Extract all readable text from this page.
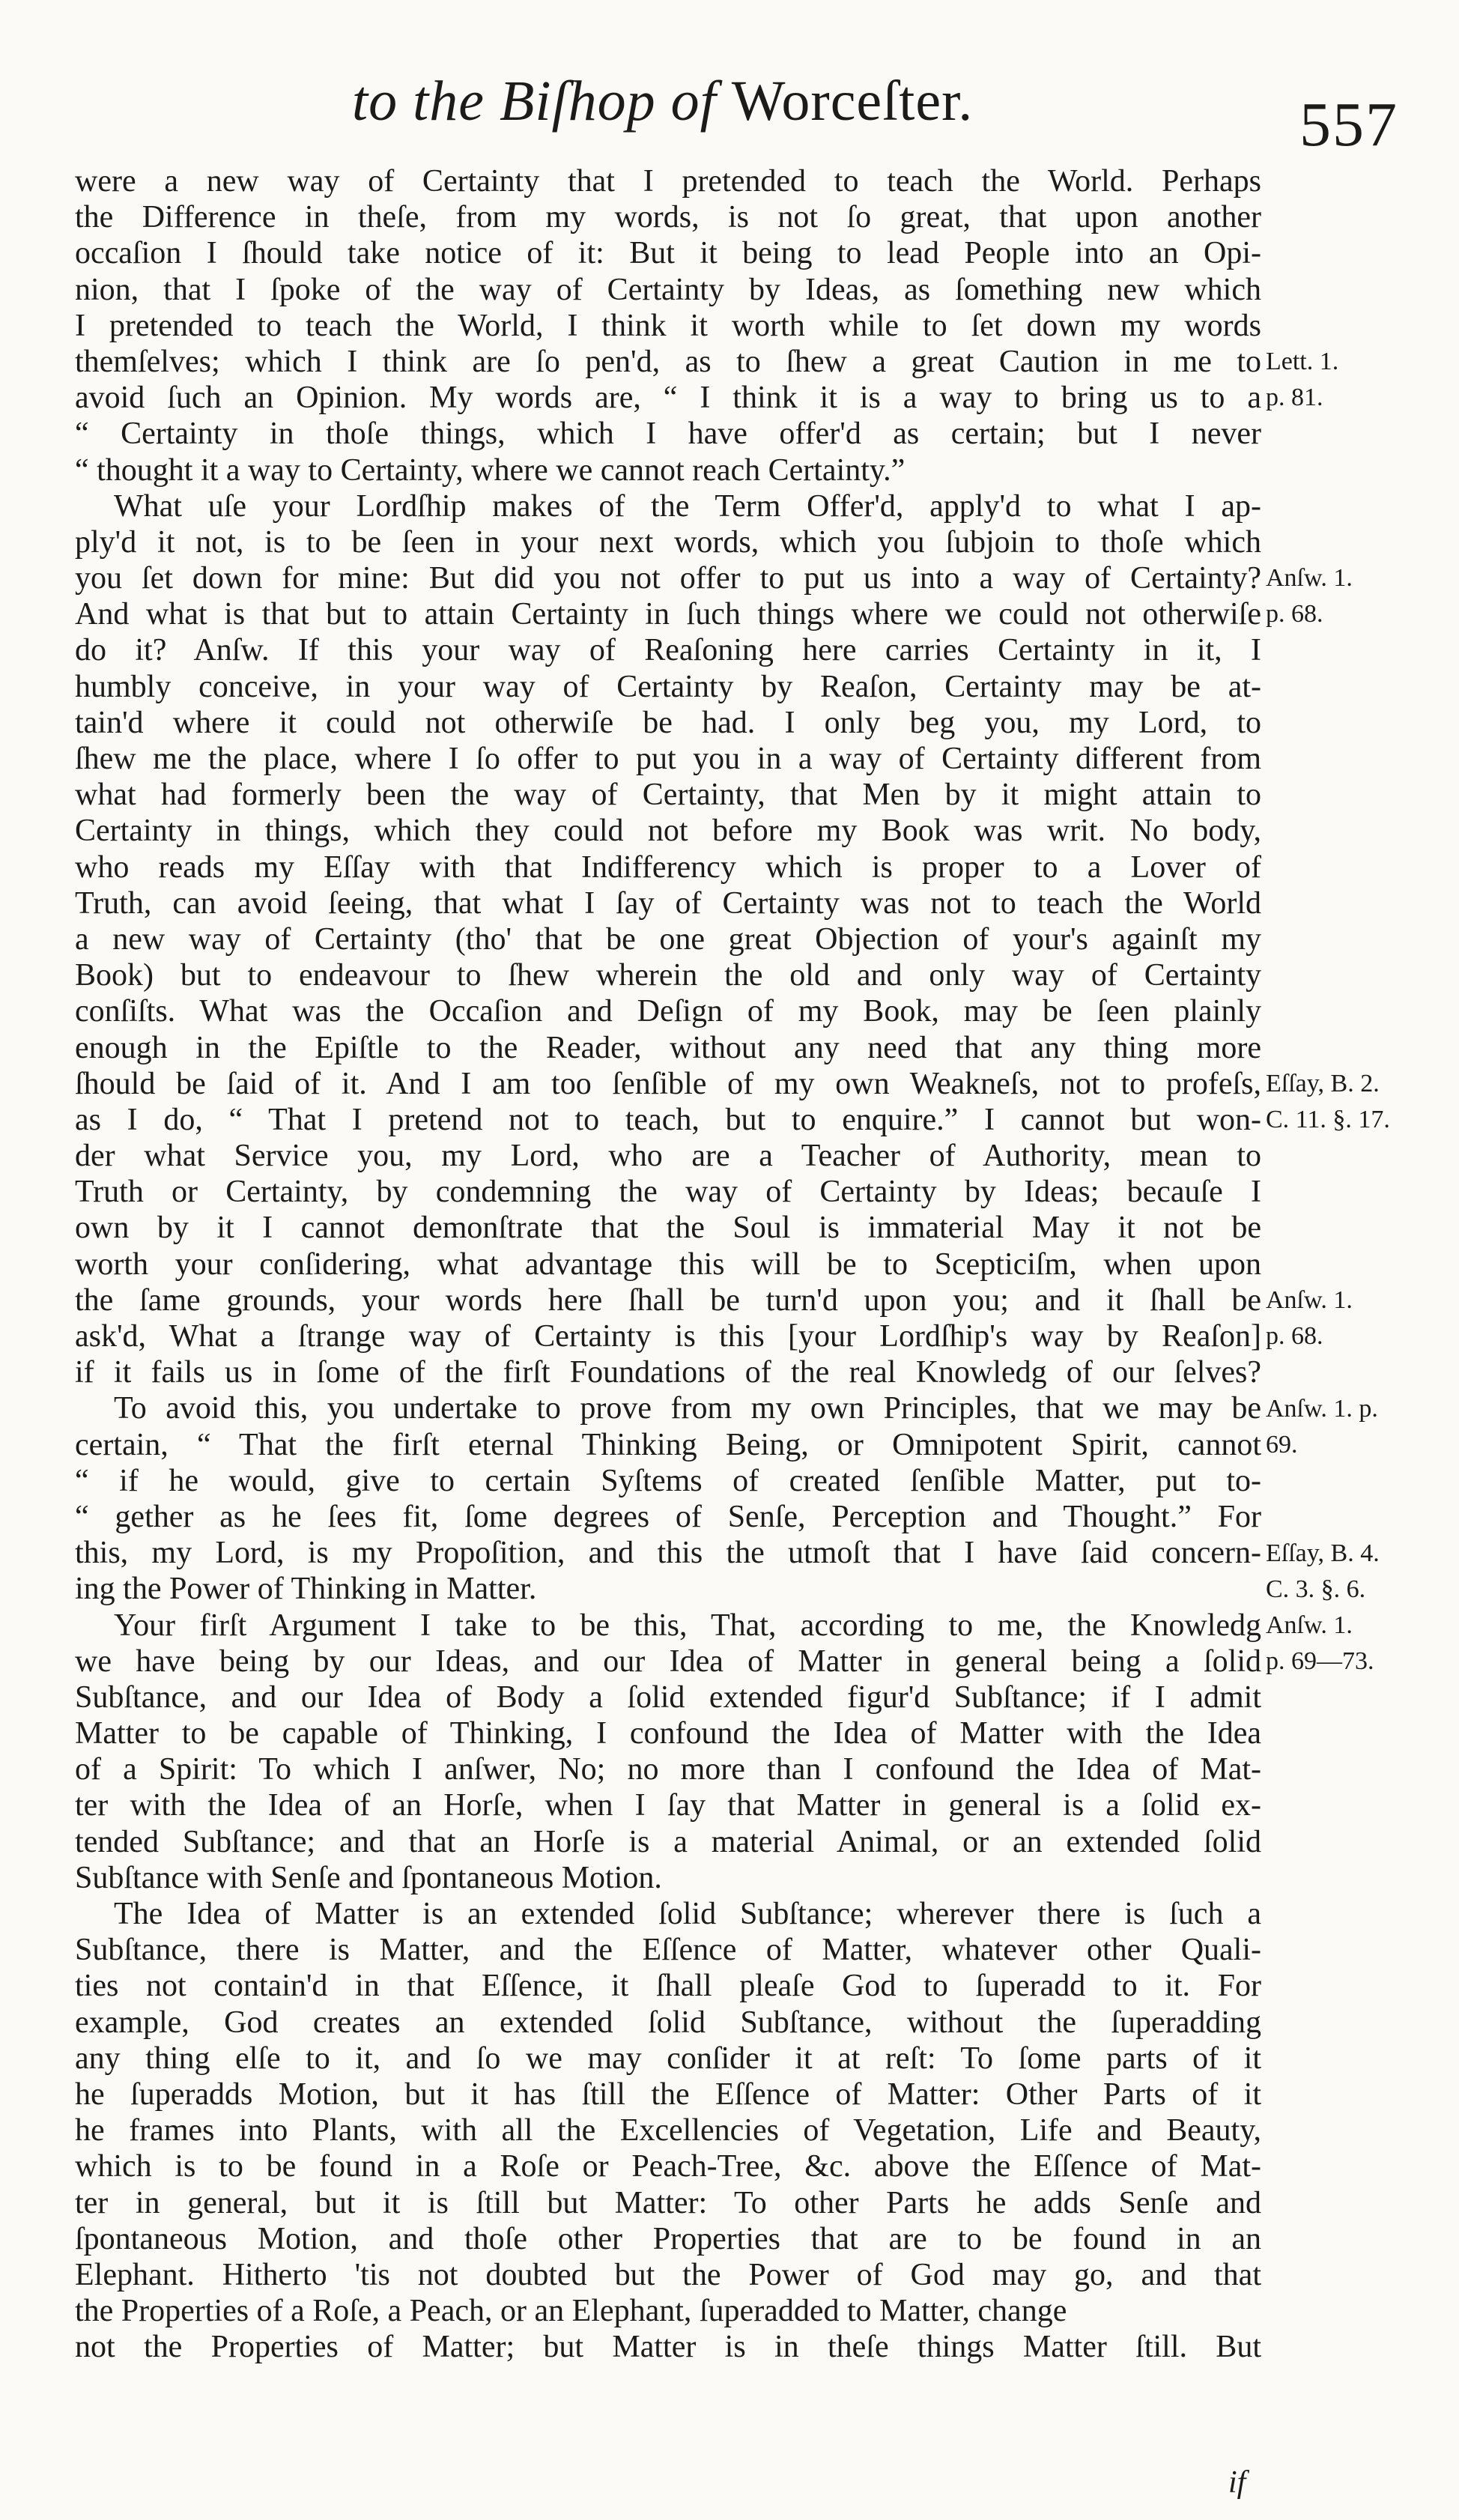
to the Biſhop of Worceſter.	557
were a new way of Certainty that I pretended to teach the World. Perhaps
the Difference in theſe, from my words, is not ſo great, that upon another
occaſion I ſhould take notice of it: But it being to lead People into an Opi-
nion, that I ſpoke of the way of Certainty by Ideas, as ſomething new which
I pretended to teach the World, I think it worth while to ſet down my words
themſelves; which I think are ſo pen'd, as to ſhew a great Caution in me to
avoid ſuch an Opinion. My words are, “ I think it is a way to bring us to a
“ Certainty in thoſe things, which I have offer'd as certain; but I never
“ thought it a way to Certainty, where we cannot reach Certainty.”
What uſe your Lordſhip makes of the Term Offer'd, apply'd to what I ap-
ply'd it not, is to be ſeen in your next words, which you ſubjoin to thoſe which
you ſet down for mine: But did you not offer to put us into a way of Certainty?
And what is that but to attain Certainty in ſuch things where we could not otherwiſe
do it? Anſw. If this your way of Reaſoning here carries Certainty in it, I
humbly conceive, in your way of Certainty by Reaſon, Certainty may be at-
tain'd where it could not otherwiſe be had. I only beg you, my Lord, to
ſhew me the place, where I ſo offer to put you in a way of Certainty different from
what had formerly been the way of Certainty, that Men by it might attain to
Certainty in things, which they could not before my Book was writ. No body,
who reads my Eſſay with that Indifferency which is proper to a Lover of
Truth, can avoid ſeeing, that what I ſay of Certainty was not to teach the World
a new way of Certainty (tho' that be one great Objection of your's againſt my
Book) but to endeavour to ſhew wherein the old and only way of Certainty
conſiſts. What was the Occaſion and Deſign of my Book, may be ſeen plainly
enough in the Epiſtle to the Reader, without any need that any thing more
ſhould be ſaid of it. And I am too ſenſible of my own Weakneſs, not to profeſs,
as I do, “ That I pretend not to teach, but to enquire.” I cannot but won-
der what Service you, my Lord, who are a Teacher of Authority, mean to
Truth or Certainty, by condemning the way of Certainty by Ideas; becauſe I
own by it I cannot demonſtrate that the Soul is immaterial May it not be
worth your conſidering, what advantage this will be to Scepticiſm, when upon
the ſame grounds, your words here ſhall be turn'd upon you; and it ſhall be
ask'd, What a ſtrange way of Certainty is this [your Lordſhip's way by Reaſon]
if it fails us in ſome of the firſt Foundations of the real Knowledg of our ſelves?
To avoid this, you undertake to prove from my own Principles, that we may be
certain, “ That the firſt eternal Thinking Being, or Omnipotent Spirit, cannot
“ if he would, give to certain Syſtems of created ſenſible Matter, put to-
“ gether as he ſees fit, ſome degrees of Senſe, Perception and Thought.” For
this, my Lord, is my Propoſition, and this the utmoſt that I have ſaid concern-
ing the Power of Thinking in Matter.
Your firſt Argument I take to be this, That, according to me, the Knowledg
we have being by our Ideas, and our Idea of Matter in general being a ſolid
Subſtance, and our Idea of Body a ſolid extended figur'd Subſtance; if I admit
Matter to be capable of Thinking, I confound the Idea of Matter with the Idea
of a Spirit: To which I anſwer, No; no more than I confound the Idea of Mat-
ter with the Idea of an Horſe, when I ſay that Matter in general is a ſolid ex-
tended Subſtance; and that an Horſe is a material Animal, or an extended ſolid
Subſtance with Senſe and ſpontaneous Motion.
The Idea of Matter is an extended ſolid Subſtance; wherever there is ſuch a
Subſtance, there is Matter, and the Eſſence of Matter, whatever other Quali-
ties not contain'd in that Eſſence, it ſhall pleaſe God to ſuperadd to it. For
example, God creates an extended ſolid Subſtance, without the ſuperadding
any thing elſe to it, and ſo we may conſider it at reſt: To ſome parts of it
he ſuperadds Motion, but it has ſtill the Eſſence of Matter: Other Parts of it
he frames into Plants, with all the Excellencies of Vegetation, Life and Beauty,
which is to be found in a Roſe or Peach-Tree, &c. above the Eſſence of Mat-
ter in general, but it is ſtill but Matter: To other Parts he adds Senſe and
ſpontaneous Motion, and thoſe other Properties that are to be found in an
Elephant. Hitherto 'tis not doubted but the Power of God may go, and that
the Properties of a Roſe, a Peach, or an Elephant, ſuperadded to Matter, change
not the Properties of Matter; but Matter is in theſe things Matter ſtill. But
Lett. 1.
p. 81.
Anſw. 1.
p. 68.
Eſſay, B. 2.
C. 11. §. 17.
Anſw. 1.
p. 68.
Anſw. 1. p.
69.
Eſſay, B. 4.
C. 3. §. 6.
Anſw. 1.
p. 69—73.
if
